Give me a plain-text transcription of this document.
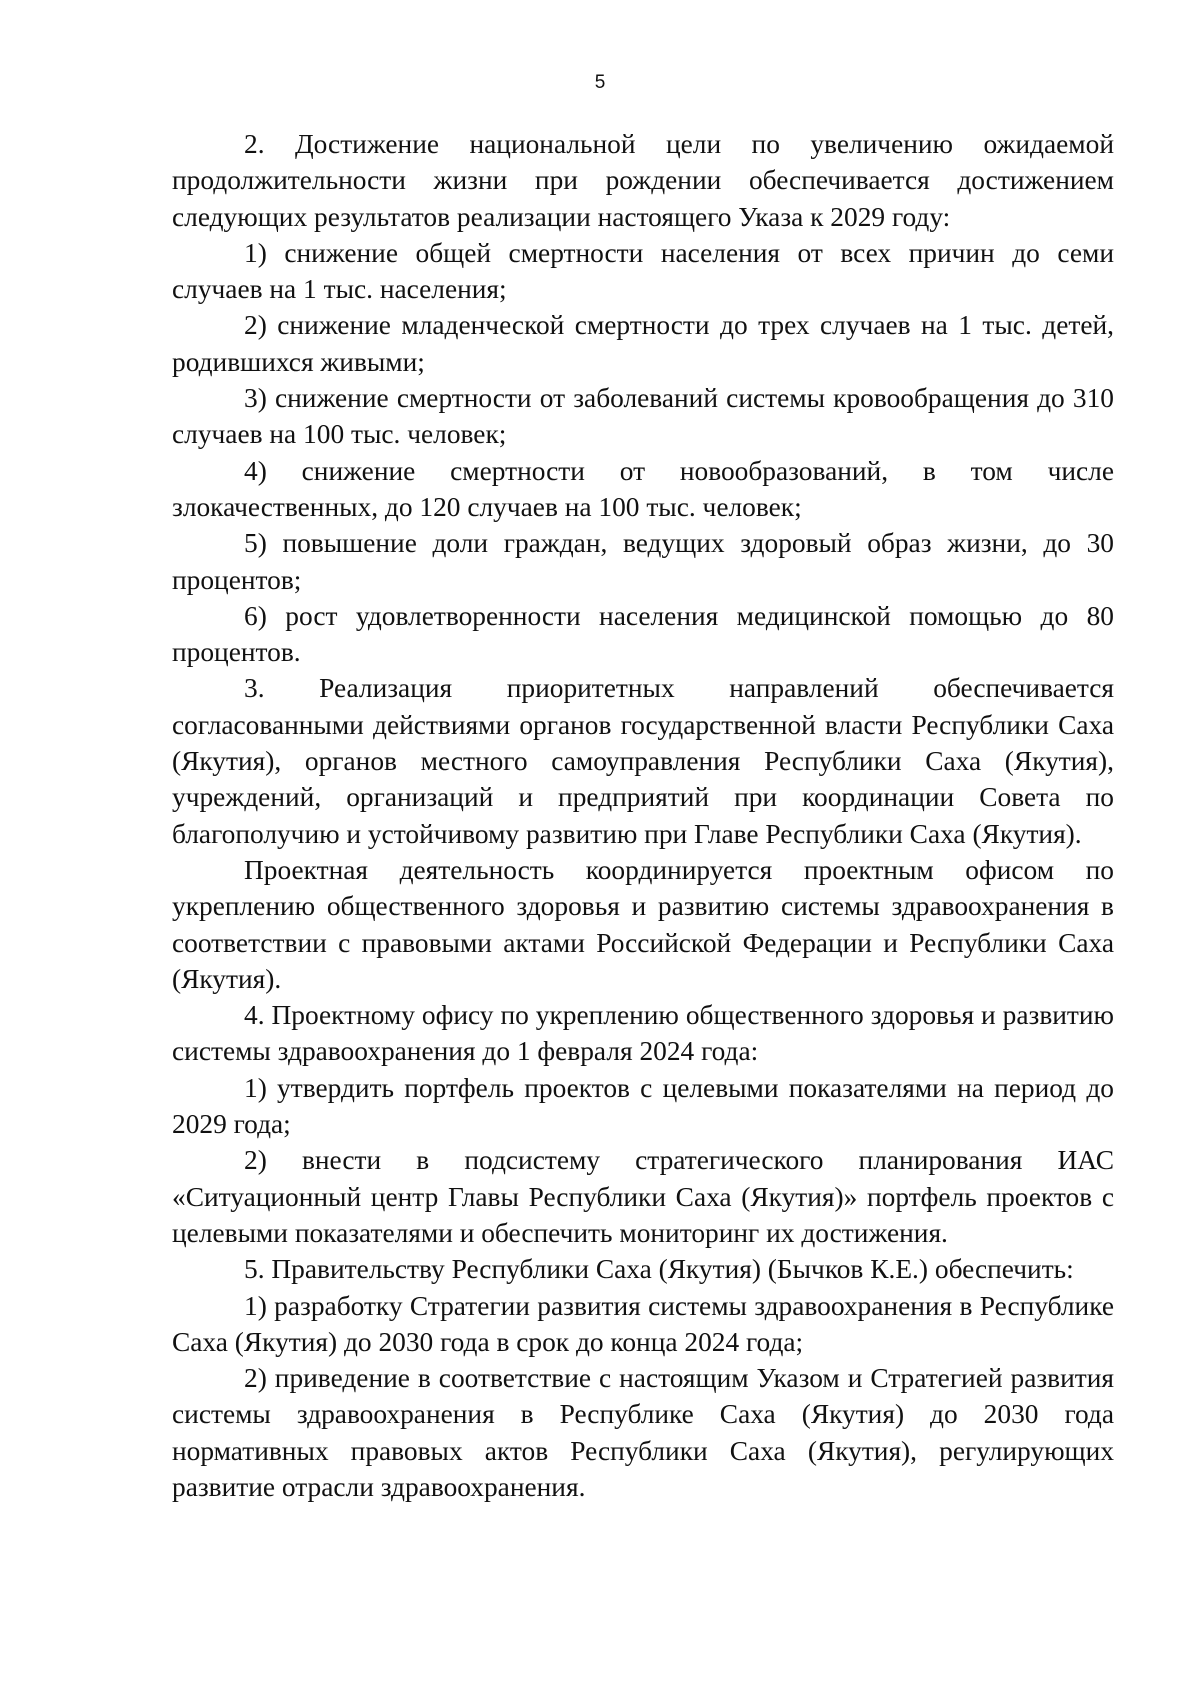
5

2. Достижение национальной цели по увеличению ожидаемой продолжительности жизни при рождении обеспечивается достижением следующих результатов реализации настоящего Указа к 2029 году:

1) снижение общей смертности населения от всех причин до семи случаев на 1 тыс. населения;

2) снижение младенческой смертности до трех случаев на 1 тыс. детей, родившихся живыми;

3) снижение смертности от заболеваний системы кровообращения до 310 случаев на 100 тыс. человек;

4) снижение смертности от новообразований, в том числе злокачественных, до 120 случаев на 100 тыс. человек;

5) повышение доли граждан, ведущих здоровый образ жизни, до 30 процентов;

6) рост удовлетворенности населения медицинской помощью до 80 процентов.

3. Реализация приоритетных направлений обеспечивается согласованными действиями органов государственной власти Республики Саха (Якутия), органов местного самоуправления Республики Саха (Якутия), учреждений, организаций и предприятий при координации Совета по благополучию и устойчивому развитию при Главе Республики Саха (Якутия).

Проектная деятельность координируется проектным офисом по укреплению общественного здоровья и развитию системы здравоохранения в соответствии с правовыми актами Российской Федерации и Республики Саха (Якутия).

4. Проектному офису по укреплению общественного здоровья и развитию системы здравоохранения до 1 февраля 2024 года:

1) утвердить портфель проектов с целевыми показателями на период до 2029 года;

2) внести в подсистему стратегического планирования ИАС «Ситуационный центр Главы Республики Саха (Якутия)» портфель проектов с целевыми показателями и обеспечить мониторинг их достижения.

5. Правительству Республики Саха (Якутия) (Бычков К.Е.) обеспечить:

1) разработку Стратегии развития системы здравоохранения в Республике Саха (Якутия) до 2030 года в срок до конца 2024 года;

2) приведение в соответствие с настоящим Указом и Стратегией развития системы здравоохранения в Республике Саха (Якутия) до 2030 года нормативных правовых актов Республики Саха (Якутия), регулирующих развитие отрасли здравоохранения.
